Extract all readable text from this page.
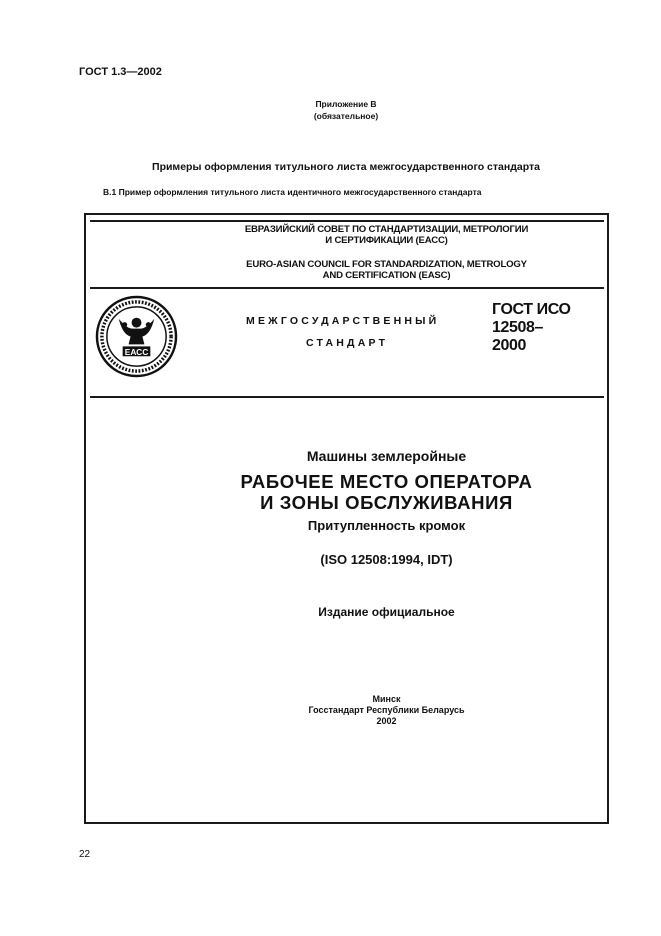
ГОСТ 1.3—2002
Приложение В
(обязательное)
Примеры оформления титульного листа межгосударственного стандарта
В.1 Пример оформления титульного листа идентичного межгосударственного стандарта
ЕВРАЗИЙСКИЙ СОВЕТ ПО СТАНДАРТИЗАЦИИ, МЕТРОЛОГИИ
И СЕРТИФИКАЦИИ (ЕАСС)
EURO-ASIAN COUNCIL FOR STANDARDIZATION, METROLOGY
AND CERTIFICATION (EASC)
ЕАСС
МЕЖГОСУДАРСТВЕННЫЙ
СТАНДАРТ
ГОСТ ИСО
12508–
2000
Машины землеройные
РАБОЧЕЕ МЕСТО ОПЕРАТОРА
И ЗОНЫ ОБСЛУЖИВАНИЯ
Притупленность кромок
(ISO 12508:1994, IDT)
Издание официальное
Минск
Госстандарт Республики Беларусь
2002
22
